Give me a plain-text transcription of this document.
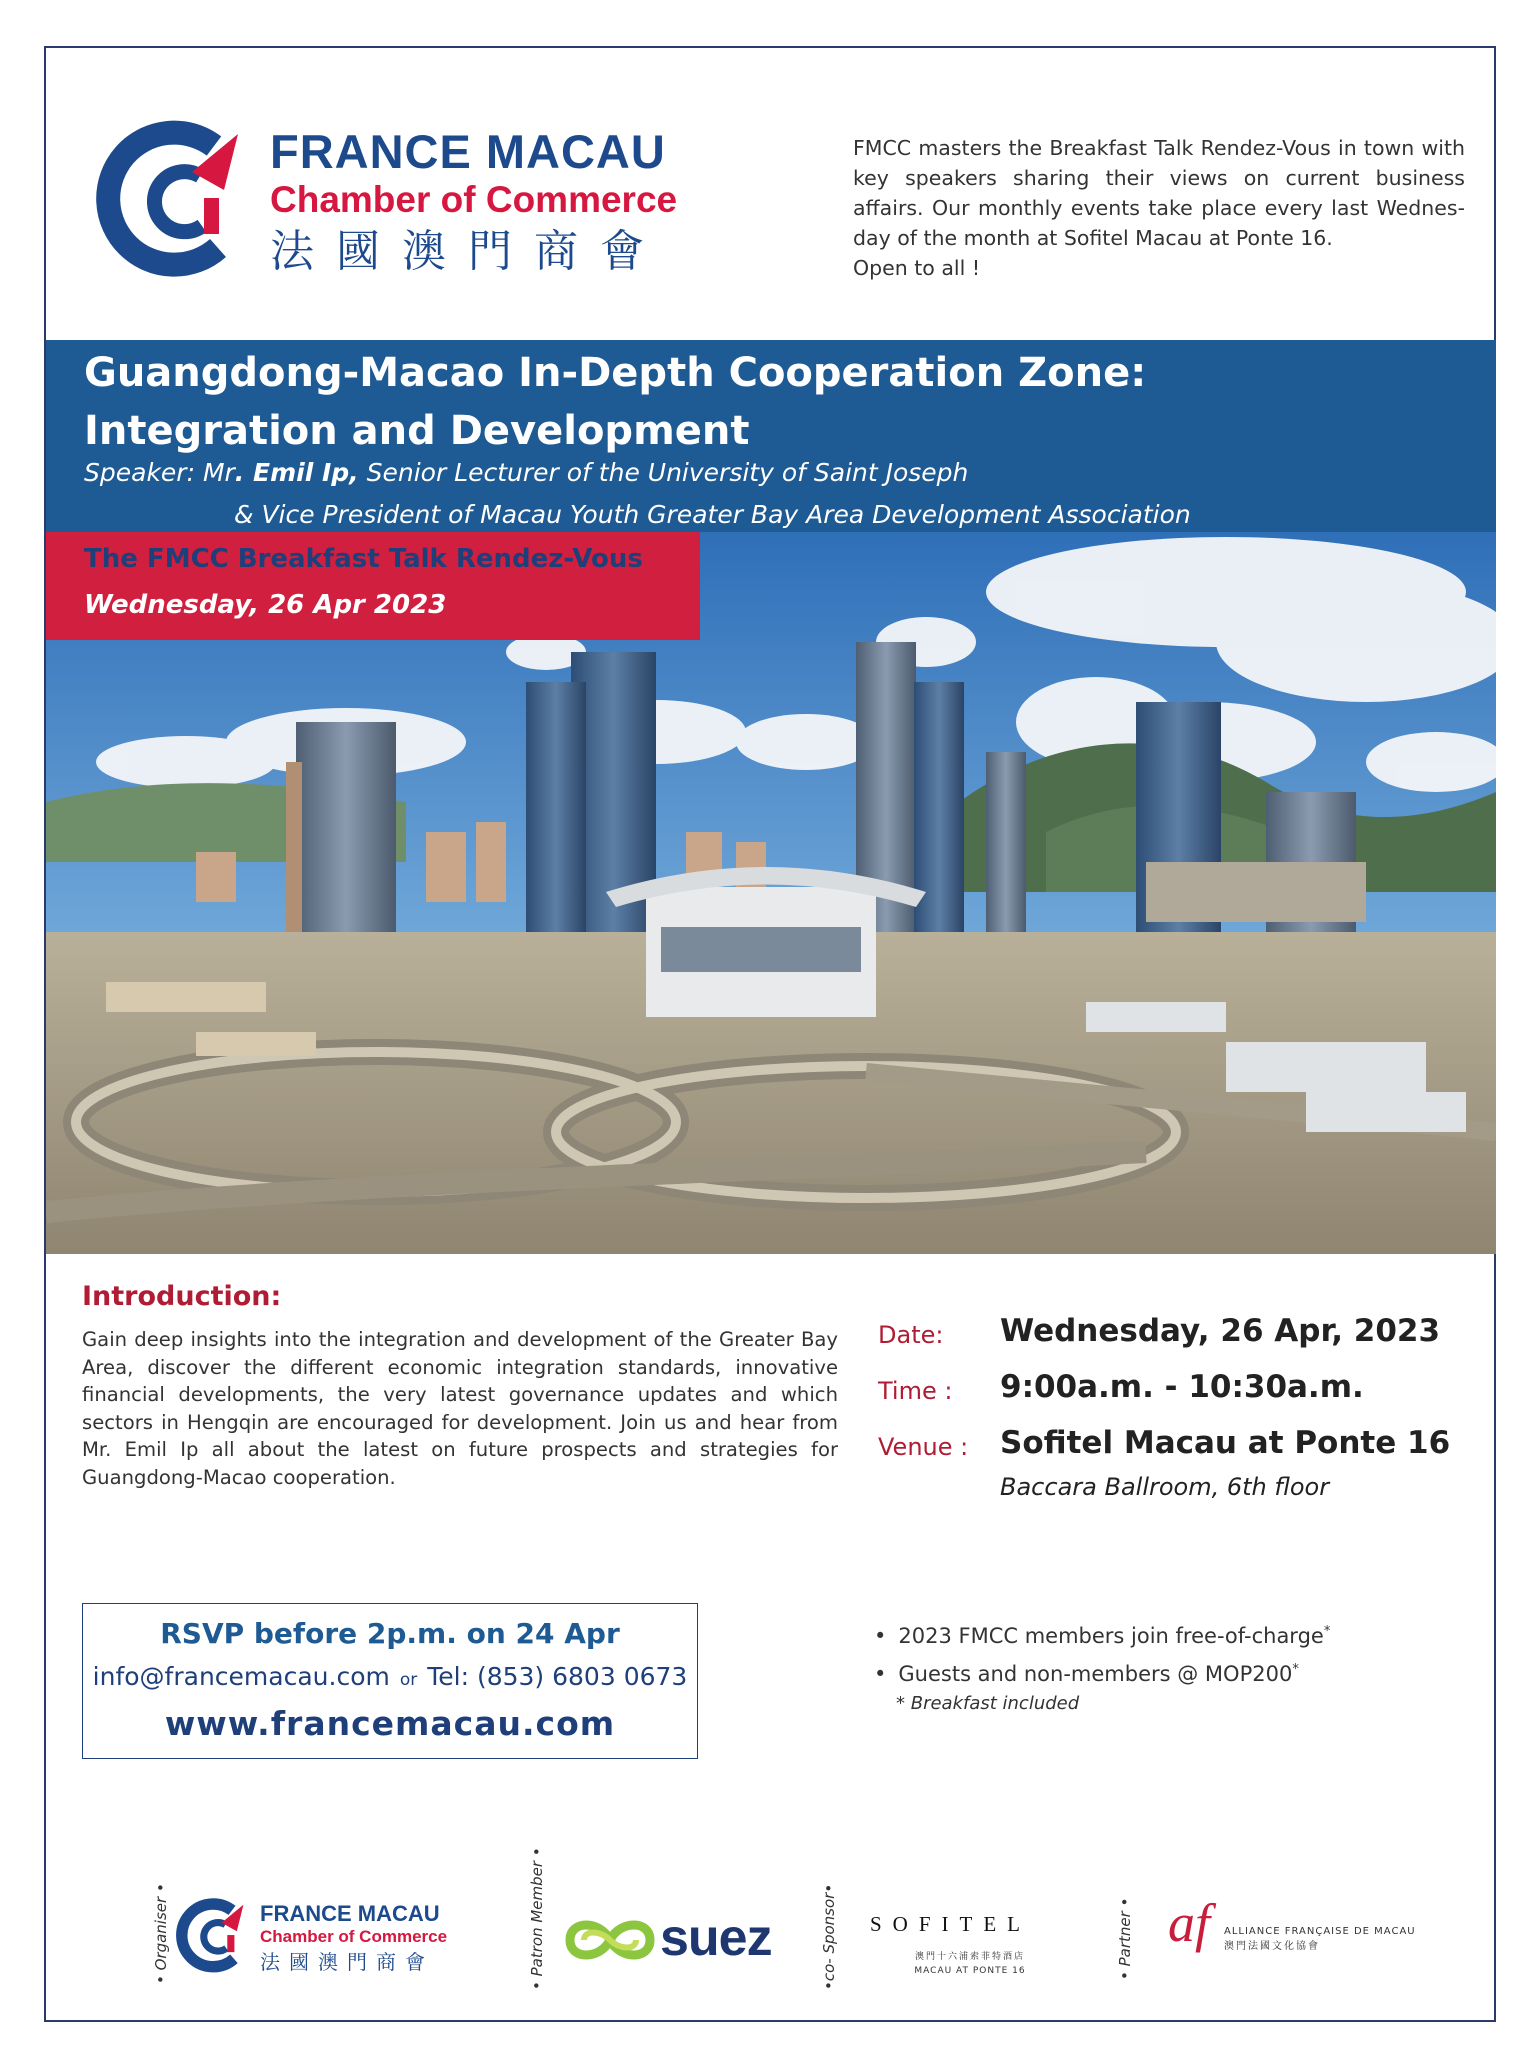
FRANCE MACAU
Chamber of Commerce
法國澳門商會
FMCC masters the Breakfast Talk Rendez-Vous in town with key speakers sharing their views on current business affairs. Our monthly events take place every last Wednes- day of the month at Sofitel Macau at Ponte 16.
Open to all !
Guangdong-Macao In-Depth Cooperation Zone:
Integration and Development
Speaker: Mr. Emil Ip, Senior Lecturer of the University of Saint Joseph
& Vice President of Macau Youth Greater Bay Area Development Association
The FMCC Breakfast Talk Rendez-Vous
Wednesday, 26 Apr 2023
Introduction:
Gain deep insights into the integration and development of the Greater Bay Area, discover the different economic integration standards, innovative financial developments, the very latest governance updates and which sectors in Hengqin are encouraged for development. Join us and hear from Mr. Emil Ip all about the latest on future prospects and strategies for Guangdong-Macao cooperation.
Date: Wednesday, 26 Apr, 2023
Time : 9:00a.m. - 10:30a.m.
Venue : Sofitel Macau at Ponte 16
Baccara Ballroom, 6th floor
RSVP before 2p.m. on 24 Apr
info@francemacau.com or Tel: (853) 6803 0673
www.francemacau.com
• 2023 FMCC members join free-of-charge*
• Guests and non-members @ MOP200*
* Breakfast included
• Organiser •	FRANCE MACAU
Chamber of Commerce
法國澳門商會	• Patron Member • suez	•co- Sponsor• SOFITEL
澳門十六浦索菲特酒店
MACAU AT PONTE 16	• Partner • af ALLIANCE FRANÇAISE DE MACAU
澳門法國文化協會
